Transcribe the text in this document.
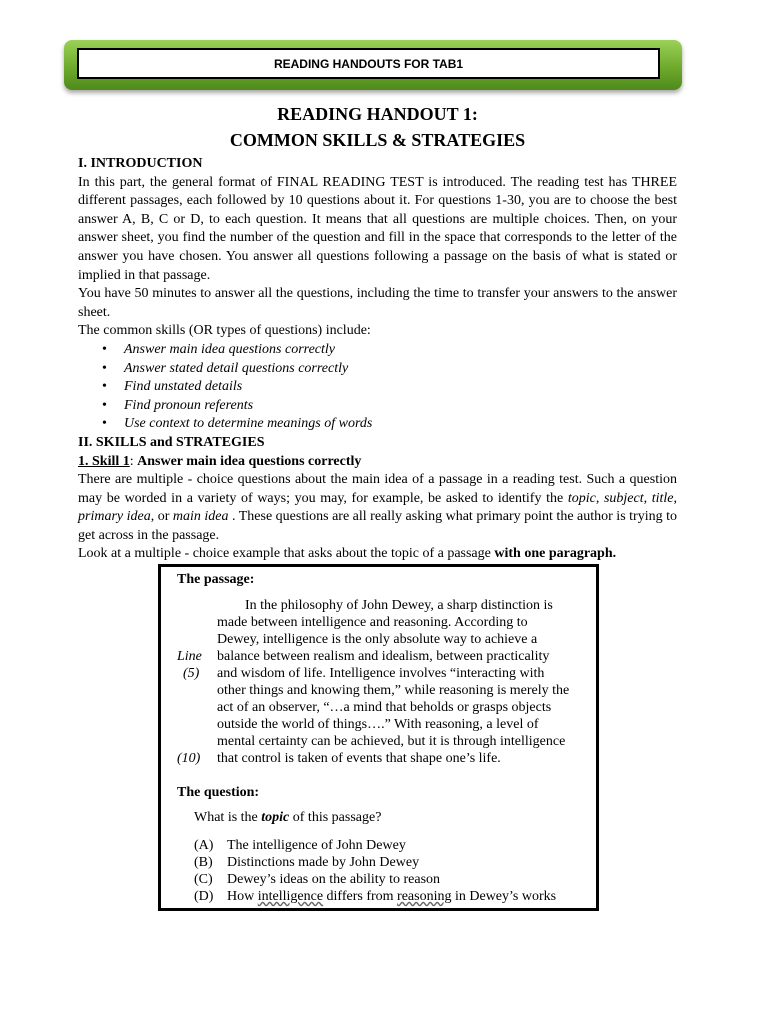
READING HANDOUTS FOR TAB1
READING HANDOUT 1:
COMMON SKILLS & STRATEGIES
I. INTRODUCTION

In this part, the general format of FINAL READING TEST is introduced. The reading test has THREE different passages, each followed by 10 questions about it. For questions 1-30, you are to choose the best answer A, B, C or D, to each question. It means that all questions are multiple choices. Then, on your answer sheet, you find the number of the question and fill in the space that corresponds to the letter of the answer you have chosen. You answer all questions following a passage on the basis of what is stated or implied in that passage.

You have 50 minutes to answer all the questions, including the time to transfer your answers to the answer sheet.

The common skills (OR types of questions) include:

• Answer main idea questions correctly
• Answer stated detail questions correctly
• Find unstated details
• Find pronoun referents
• Use context to determine meanings of words
II. SKILLS and STRATEGIES
1. Skill 1: Answer main idea questions correctly

There are multiple - choice questions about the main idea of a passage in a reading test. Such a question may be worded in a variety of ways; you may, for example, be asked to identify the topic, subject, title, primary idea, or main idea . These questions are all really asking what primary point the author is trying to get across in the passage.

Look at a multiple - choice example that asks about the topic of a passage with one paragraph.

The passage:
In the philosophy of John Dewey, a sharp distinction is
made between intelligence and reasoning. According to
Dewey, intelligence is the only absolute way to achieve a
Line balance between realism and idealism, between practicality
(5) and wisdom of life. Intelligence involves “interacting with
other things and knowing them,” while reasoning is merely the
act of an observer, “…a mind that beholds or grasps objects
outside the world of things….” With reasoning, a level of
mental certainty can be achieved, but it is through intelligence
(10) that control is taken of events that shape one’s life.
The question:
What is the topic of this passage?
(A) The intelligence of John Dewey
(B) Distinctions made by John Dewey
(C) Dewey’s ideas on the ability to reason
(D) How intelligence differs from reasoning in Dewey’s works
